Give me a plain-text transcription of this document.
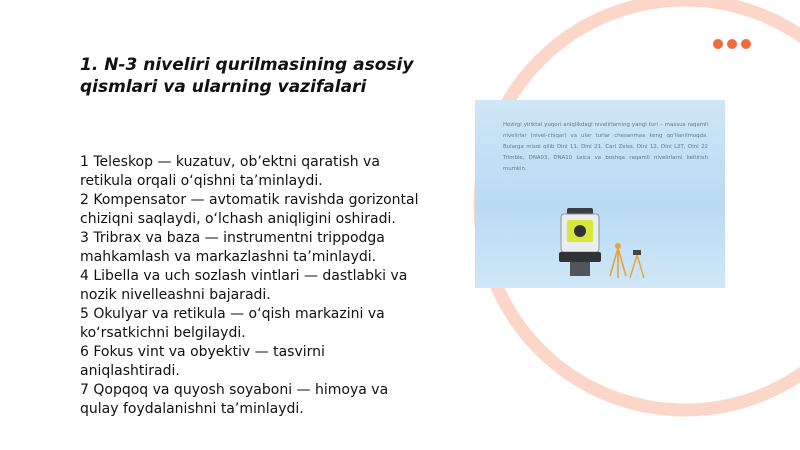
1. N-3 niveliri qurilmasining asosiy qismlari va ularning vazifalari
1 Teleskop — kuzatuv, ob’ektni qaratish va retikula orqali o‘qishni ta’minlaydi.
2 Kompensator — avtomatik ravishda gorizontal chiziqni saqlaydi, o‘lchash aniqligini oshiradi.
3 Tribrax va baza — instrumentni trippodga mahkamlash va markazlashni ta’minlaydi.
4 Libella va uch sozlash vintlari — dastlabki va nozik nivelleashni bajaradi.
5 Okulyar va retikula — o‘qish markazini va ko‘rsatkichni belgilaydi.
6 Fokus vint va obyektiv — tasvirni aniqlashtiradi.
7 Qopqoq va quyosh soyaboni — himoya va qulay foydalanishni ta’minlaydi.

Hozirgi yiriktal yuqori aniqlikdagi nivelirlarning yangi turi – maxsus raqamli nivelirlar (nivel-chiqar) va ular turlar chesanmaa keng qo‘llanilmoqda. Bularga misol qilib Dini 11, Dini 21, Carl Zeiss, Dini 12, Dini L2T, Dini 22 Trimble, DNA03, DNA10 Leica va boshqa raqamli nivelirlarni keltirish mumkin.
